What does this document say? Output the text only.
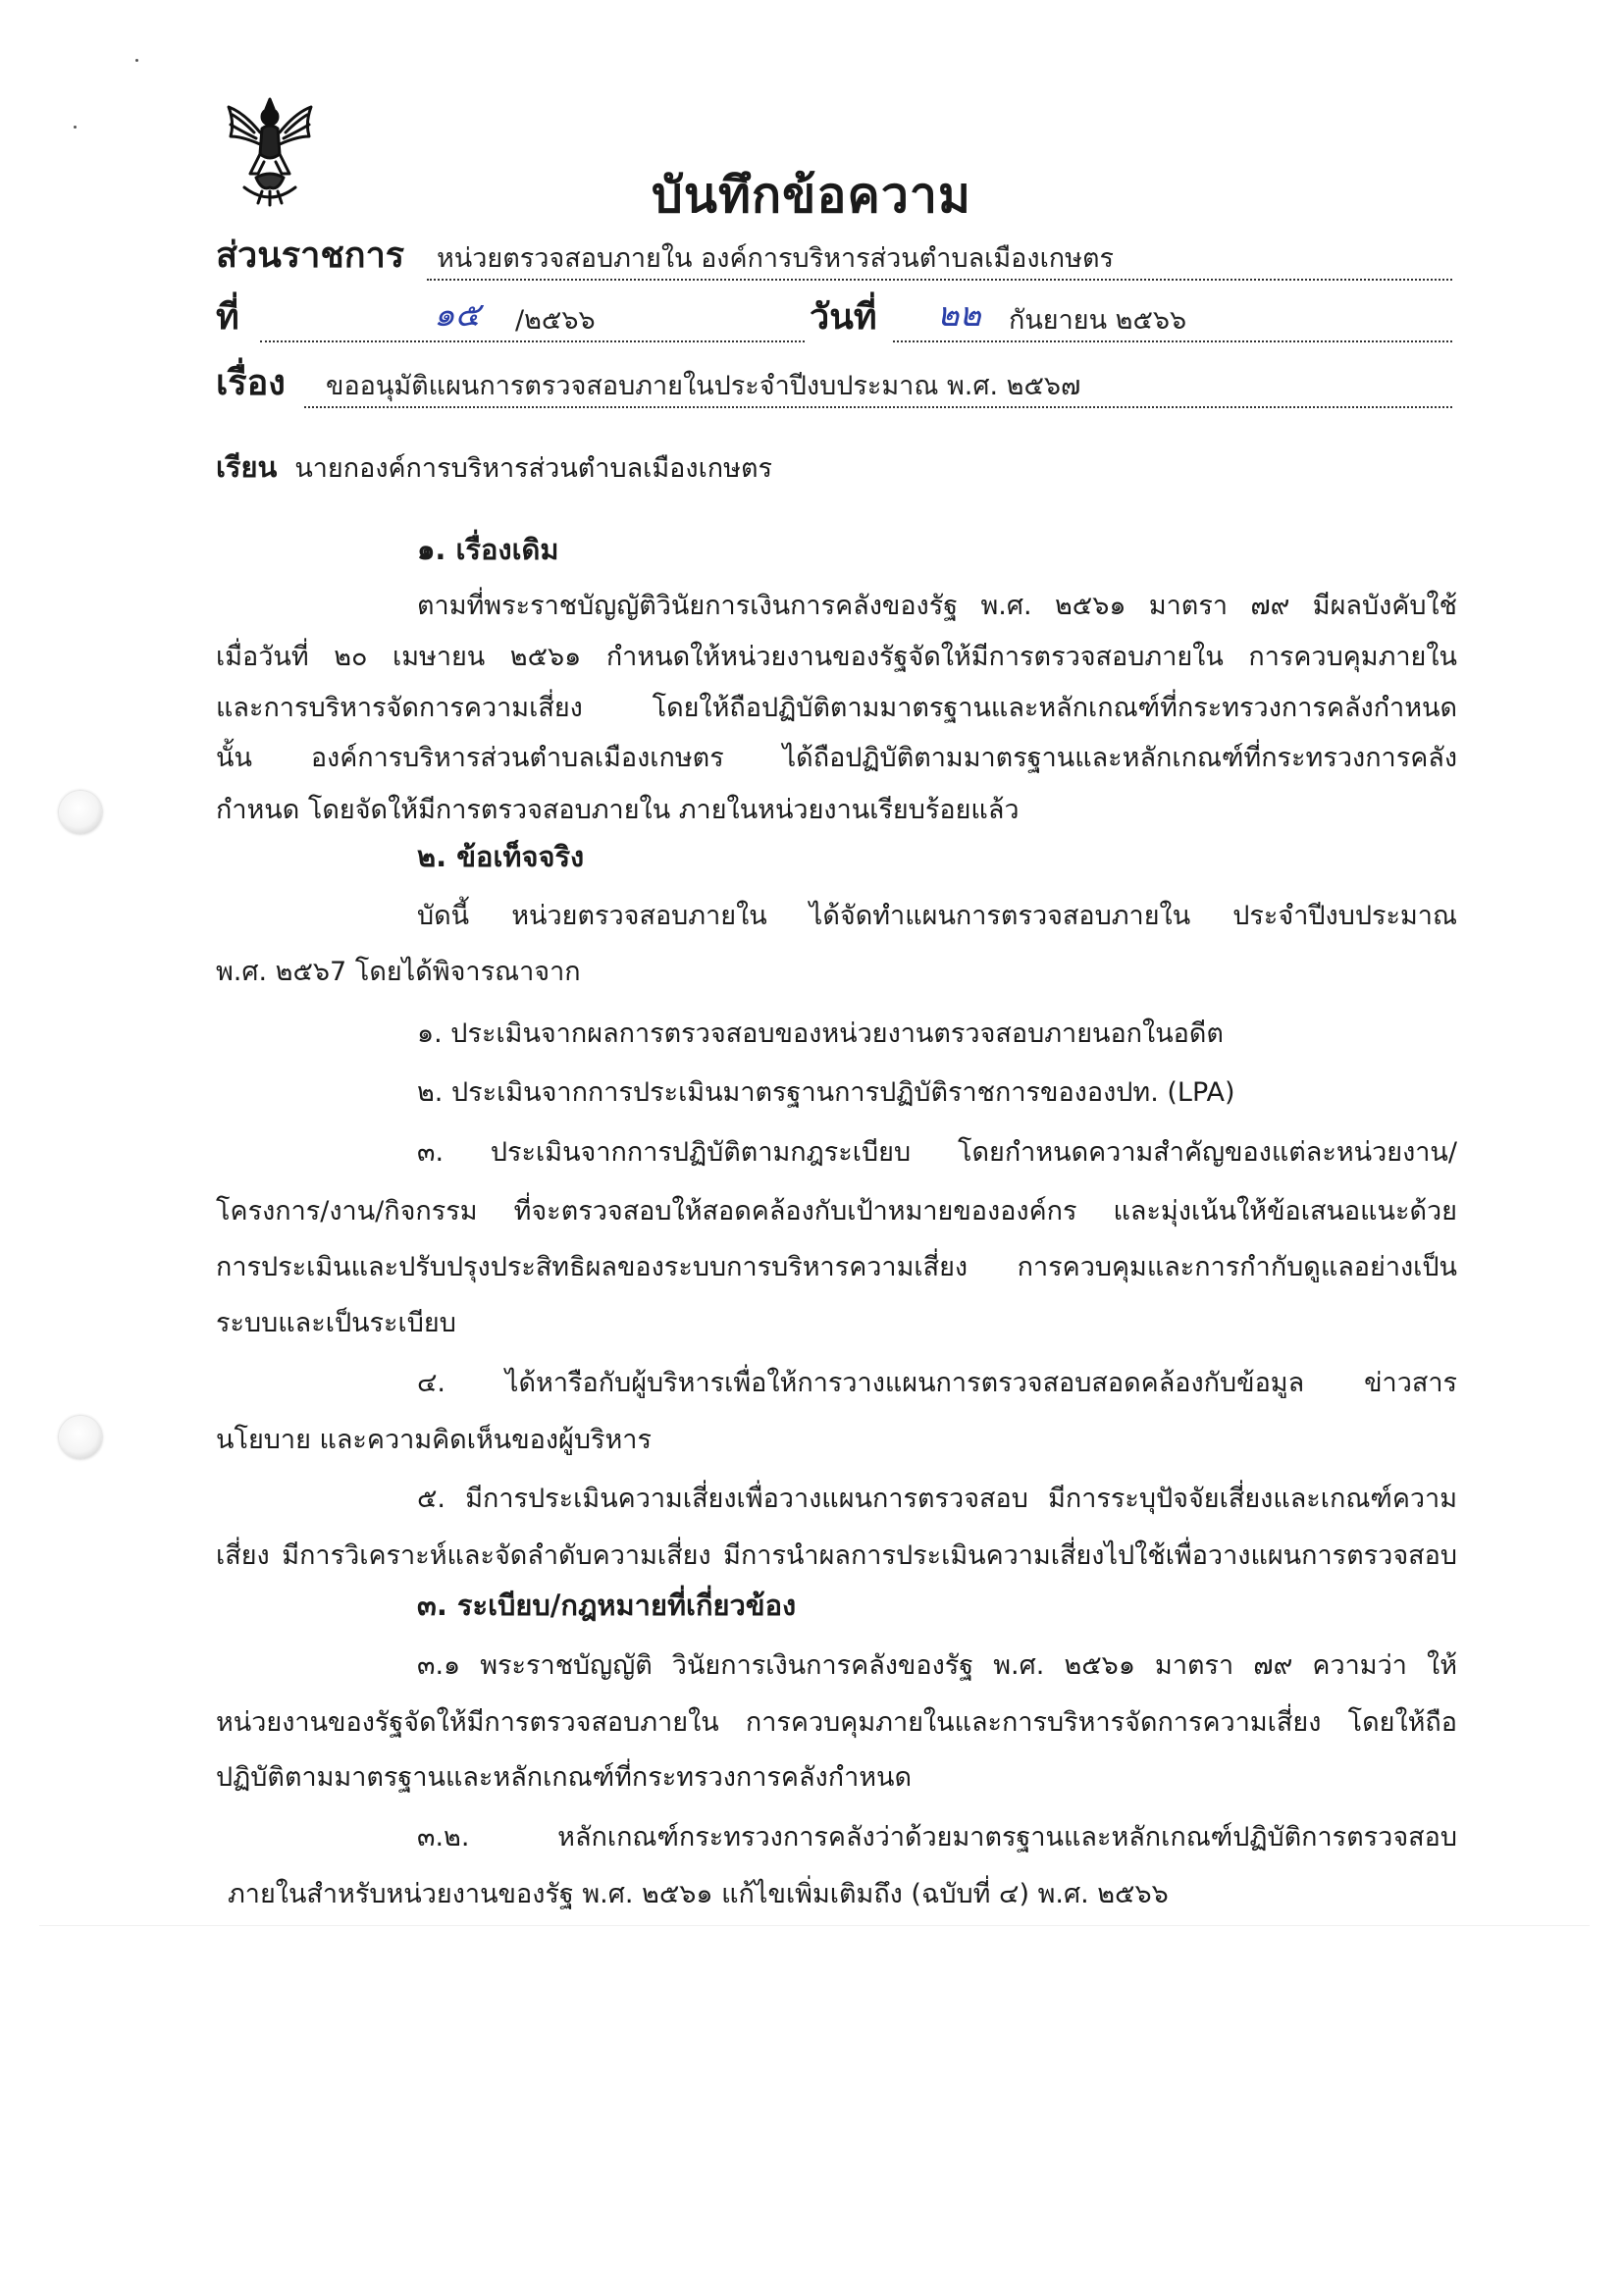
บันทึกข้อความ
ส่วนราชการ หน่วยตรวจสอบภายใน องค์การบริหารส่วนตำบลเมืองเกษตร
ที่	๑๕ /๒๕๖๖	วันที่ ๒๒ กันยายน ๒๕๖๖
เรื่อง ขออนุมัติแผนการตรวจสอบภายในประจำปีงบประมาณ พ.ศ. ๒๕๖๗
เรียน นายกองค์การบริหารส่วนตำบลเมืองเกษตร
๑. เรื่องเดิม
ตามที่พระราชบัญญัติวินัยการเงินการคลังของรัฐ พ.ศ. ๒๕๖๑ มาตรา ๗๙ มีผลบังคับใช้
เมื่อวันที่ ๒๐ เมษายน ๒๕๖๑ กำหนดให้หน่วยงานของรัฐจัดให้มีการตรวจสอบภายใน การควบคุมภายใน
และการบริหารจัดการความเสี่ยง โดยให้ถือปฏิบัติตามมาตรฐานและหลักเกณฑ์ที่กระทรวงการคลังกำหนด
นั้น องค์การบริหารส่วนตำบลเมืองเกษตร ได้ถือปฏิบัติตามมาตรฐานและหลักเกณฑ์ที่กระทรวงการคลัง
กำหนด โดยจัดให้มีการตรวจสอบภายใน ภายในหน่วยงานเรียบร้อยแล้ว
๒. ข้อเท็จจริง
บัดนี้ หน่วยตรวจสอบภายใน ได้จัดทำแผนการตรวจสอบภายใน ประจำปีงบประมาณ
พ.ศ. ๒๕๖7 โดยได้พิจารณาจาก
๑. ประเมินจากผลการตรวจสอบของหน่วยงานตรวจสอบภายนอกในอดีต
๒. ประเมินจากการประเมินมาตรฐานการปฏิบัติราชการขององปท. (LPA)
๓. ประเมินจากการปฏิบัติตามกฎระเบียบ โดยกำหนดความสำคัญของแต่ละหน่วยงาน/
โครงการ/งาน/กิจกรรม ที่จะตรวจสอบให้สอดคล้องกับเป้าหมายขององค์กร และมุ่งเน้นให้ข้อเสนอแนะด้วย
การประเมินและปรับปรุงประสิทธิผลของระบบการบริหารความเสี่ยง การควบคุมและการกำกับดูแลอย่างเป็น
ระบบและเป็นระเบียบ
๔. ได้หารือกับผู้บริหารเพื่อให้การวางแผนการตรวจสอบสอดคล้องกับข้อมูล ข่าวสาร
นโยบาย และความคิดเห็นของผู้บริหาร
๕. มีการประเมินความเสี่ยงเพื่อวางแผนการตรวจสอบ มีการระบุปัจจัยเสี่ยงและเกณฑ์ความ
เสี่ยง มีการวิเคราะห์และจัดลำดับความเสี่ยง มีการนำผลการประเมินความเสี่ยงไปใช้เพื่อวางแผนการตรวจสอบ
๓. ระเบียบ/กฎหมายที่เกี่ยวข้อง
๓.๑ พระราชบัญญัติ วินัยการเงินการคลังของรัฐ พ.ศ. ๒๕๖๑ มาตรา ๗๙ ความว่า ให้
หน่วยงานของรัฐจัดให้มีการตรวจสอบภายใน การควบคุมภายในและการบริหารจัดการความเสี่ยง โดยให้ถือ
ปฏิบัติตามมาตรฐานและหลักเกณฑ์ที่กระทรวงการคลังกำหนด
๓.๒. หลักเกณฑ์กระทรวงการคลังว่าด้วยมาตรฐานและหลักเกณฑ์ปฏิบัติการตรวจสอบ
ภายในสำหรับหน่วยงานของรัฐ พ.ศ. ๒๕๖๑ แก้ไขเพิ่มเติมถึง (ฉบับที่ ๔) พ.ศ. ๒๕๖๖
